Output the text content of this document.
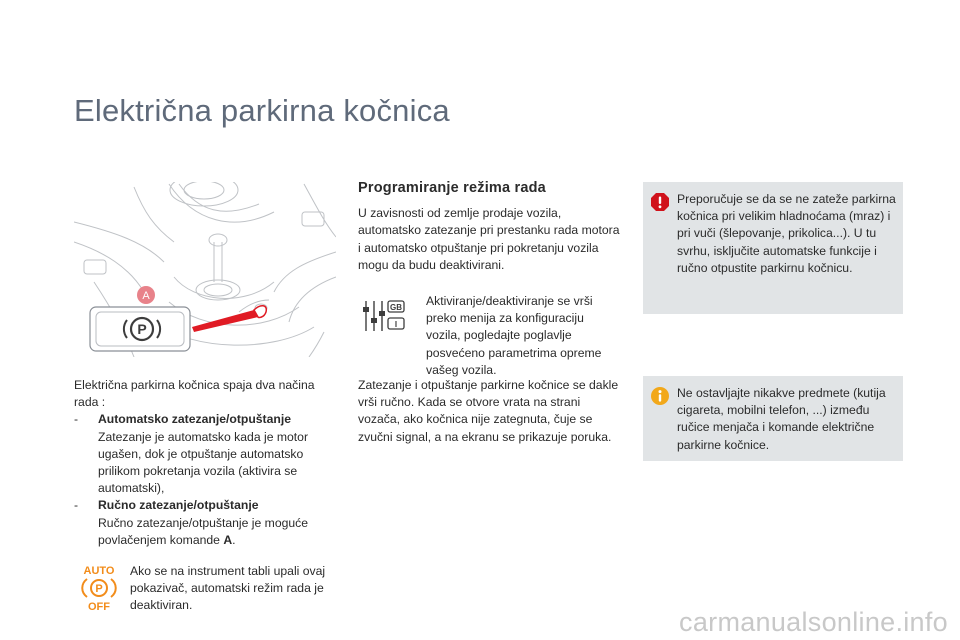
Električna parkirna kočnica
A
P

Električna parkirna kočnica spaja dva načina rada :

- Automatsko zatezanje/otpuštanje
Zatezanje je automatsko kada je motor ugašen, dok je otpuštanje automatsko prilikom pokretanja vozila (aktivira se automatski),
- Ručno zatezanje/otpuštanje
Ručno zatezanje/otpuštanje je moguće povlačenjem komande A.
AUTO
P
OFF
Ako se na instrument tabli upali ovaj pokazivač, automatski režim rada je deaktiviran.
Programiranje režima rada

U zavisnosti od zemlje prodaje vozila, automatsko zatezanje pri prestanku rada motora i automatsko otpuštanje pri pokretanju vozila mogu da budu deaktivirani.

GB
I
Aktiviranje/deaktiviranje se vrši preko menija za konfiguraciju vozila, pogledajte poglavlje posvećeno parametrima opreme vašeg vozila.

Zatezanje i otpuštanje parkirne kočnice se dakle vrši ručno. Kada se otvore vrata na strani vozača, ako kočnica nije zategnuta, čuje se zvučni signal, a na ekranu se prikazuje poruka.

Preporučuje se da se ne zateže parkirna kočnica pri velikim hladnoćama (mraz) i pri vuči (šlepovanje, prikolica...). U tu svrhu, isključite automatske funkcije i ručno otpustite parkirnu kočnicu.
Ne ostavljajte nikakve predmete (kutija cigareta, mobilni telefon, ...) između ručice menjača i komande električne parkirne kočnice.
carmanualsonline.info
